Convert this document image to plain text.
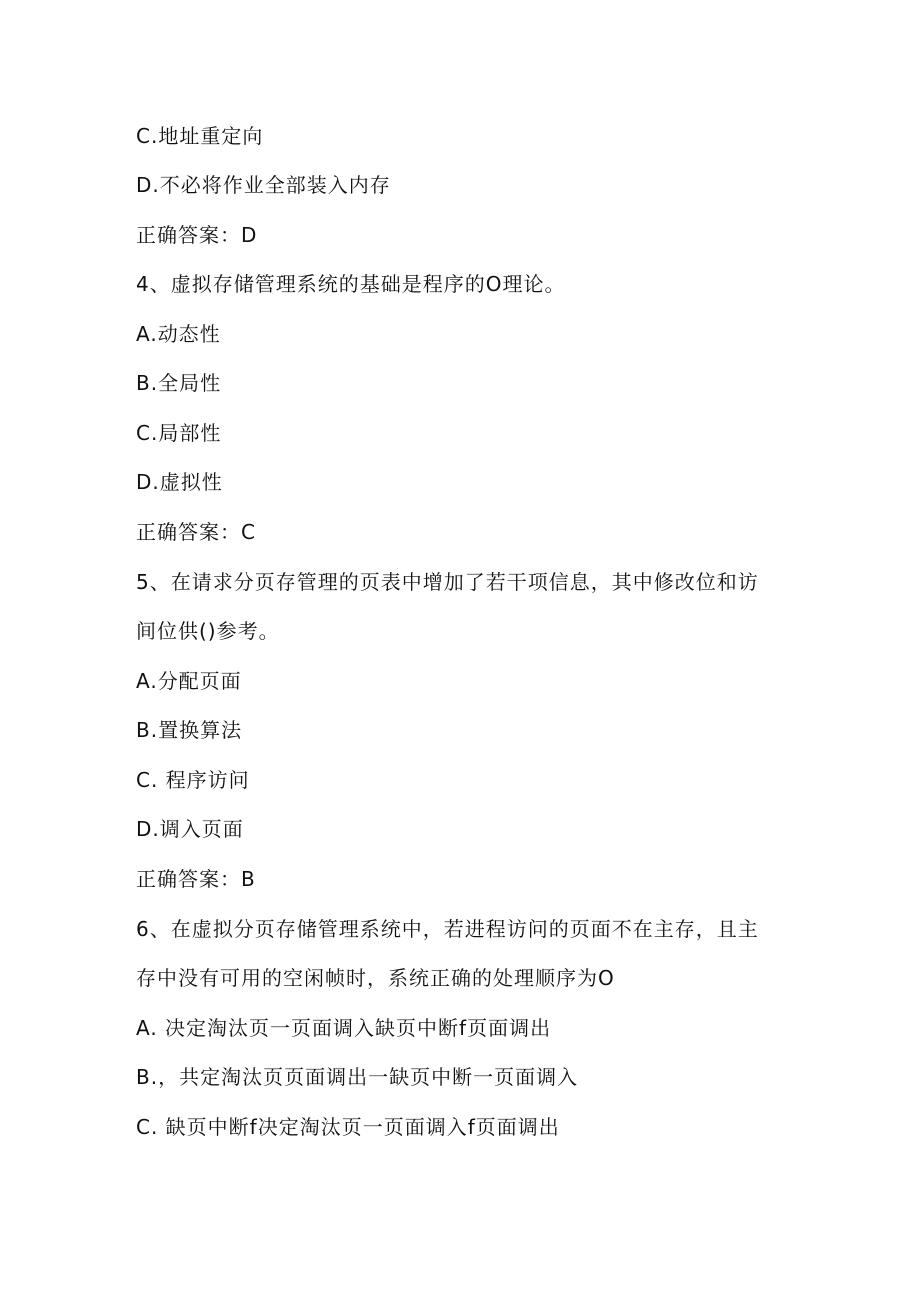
C.地址重定向
D.不必将作业全部装入内存
正确答案：D
4、虚拟存储管理系统的基础是程序的O理论。
A.动态性
B.全局性
C.局部性
D.虚拟性
正确答案：C
5、在请求分页存管理的页表中增加了若干项信息，其中修改位和访
间位供()参考。
A.分配页面
B.置换算法
C. 程序访问
D.调入页面
正确答案：B
6、在虚拟分页存储管理系统中，若进程访问的页面不在主存，且主
存中没有可用的空闲帧时，系统正确的处理顺序为O
A. 决定淘汰页一页面调入缺页中断f页面调出
B.，共定淘汰页页面调出一缺页中断一页面调入
C. 缺页中断f决定淘汰页一页面调入f页面调出
